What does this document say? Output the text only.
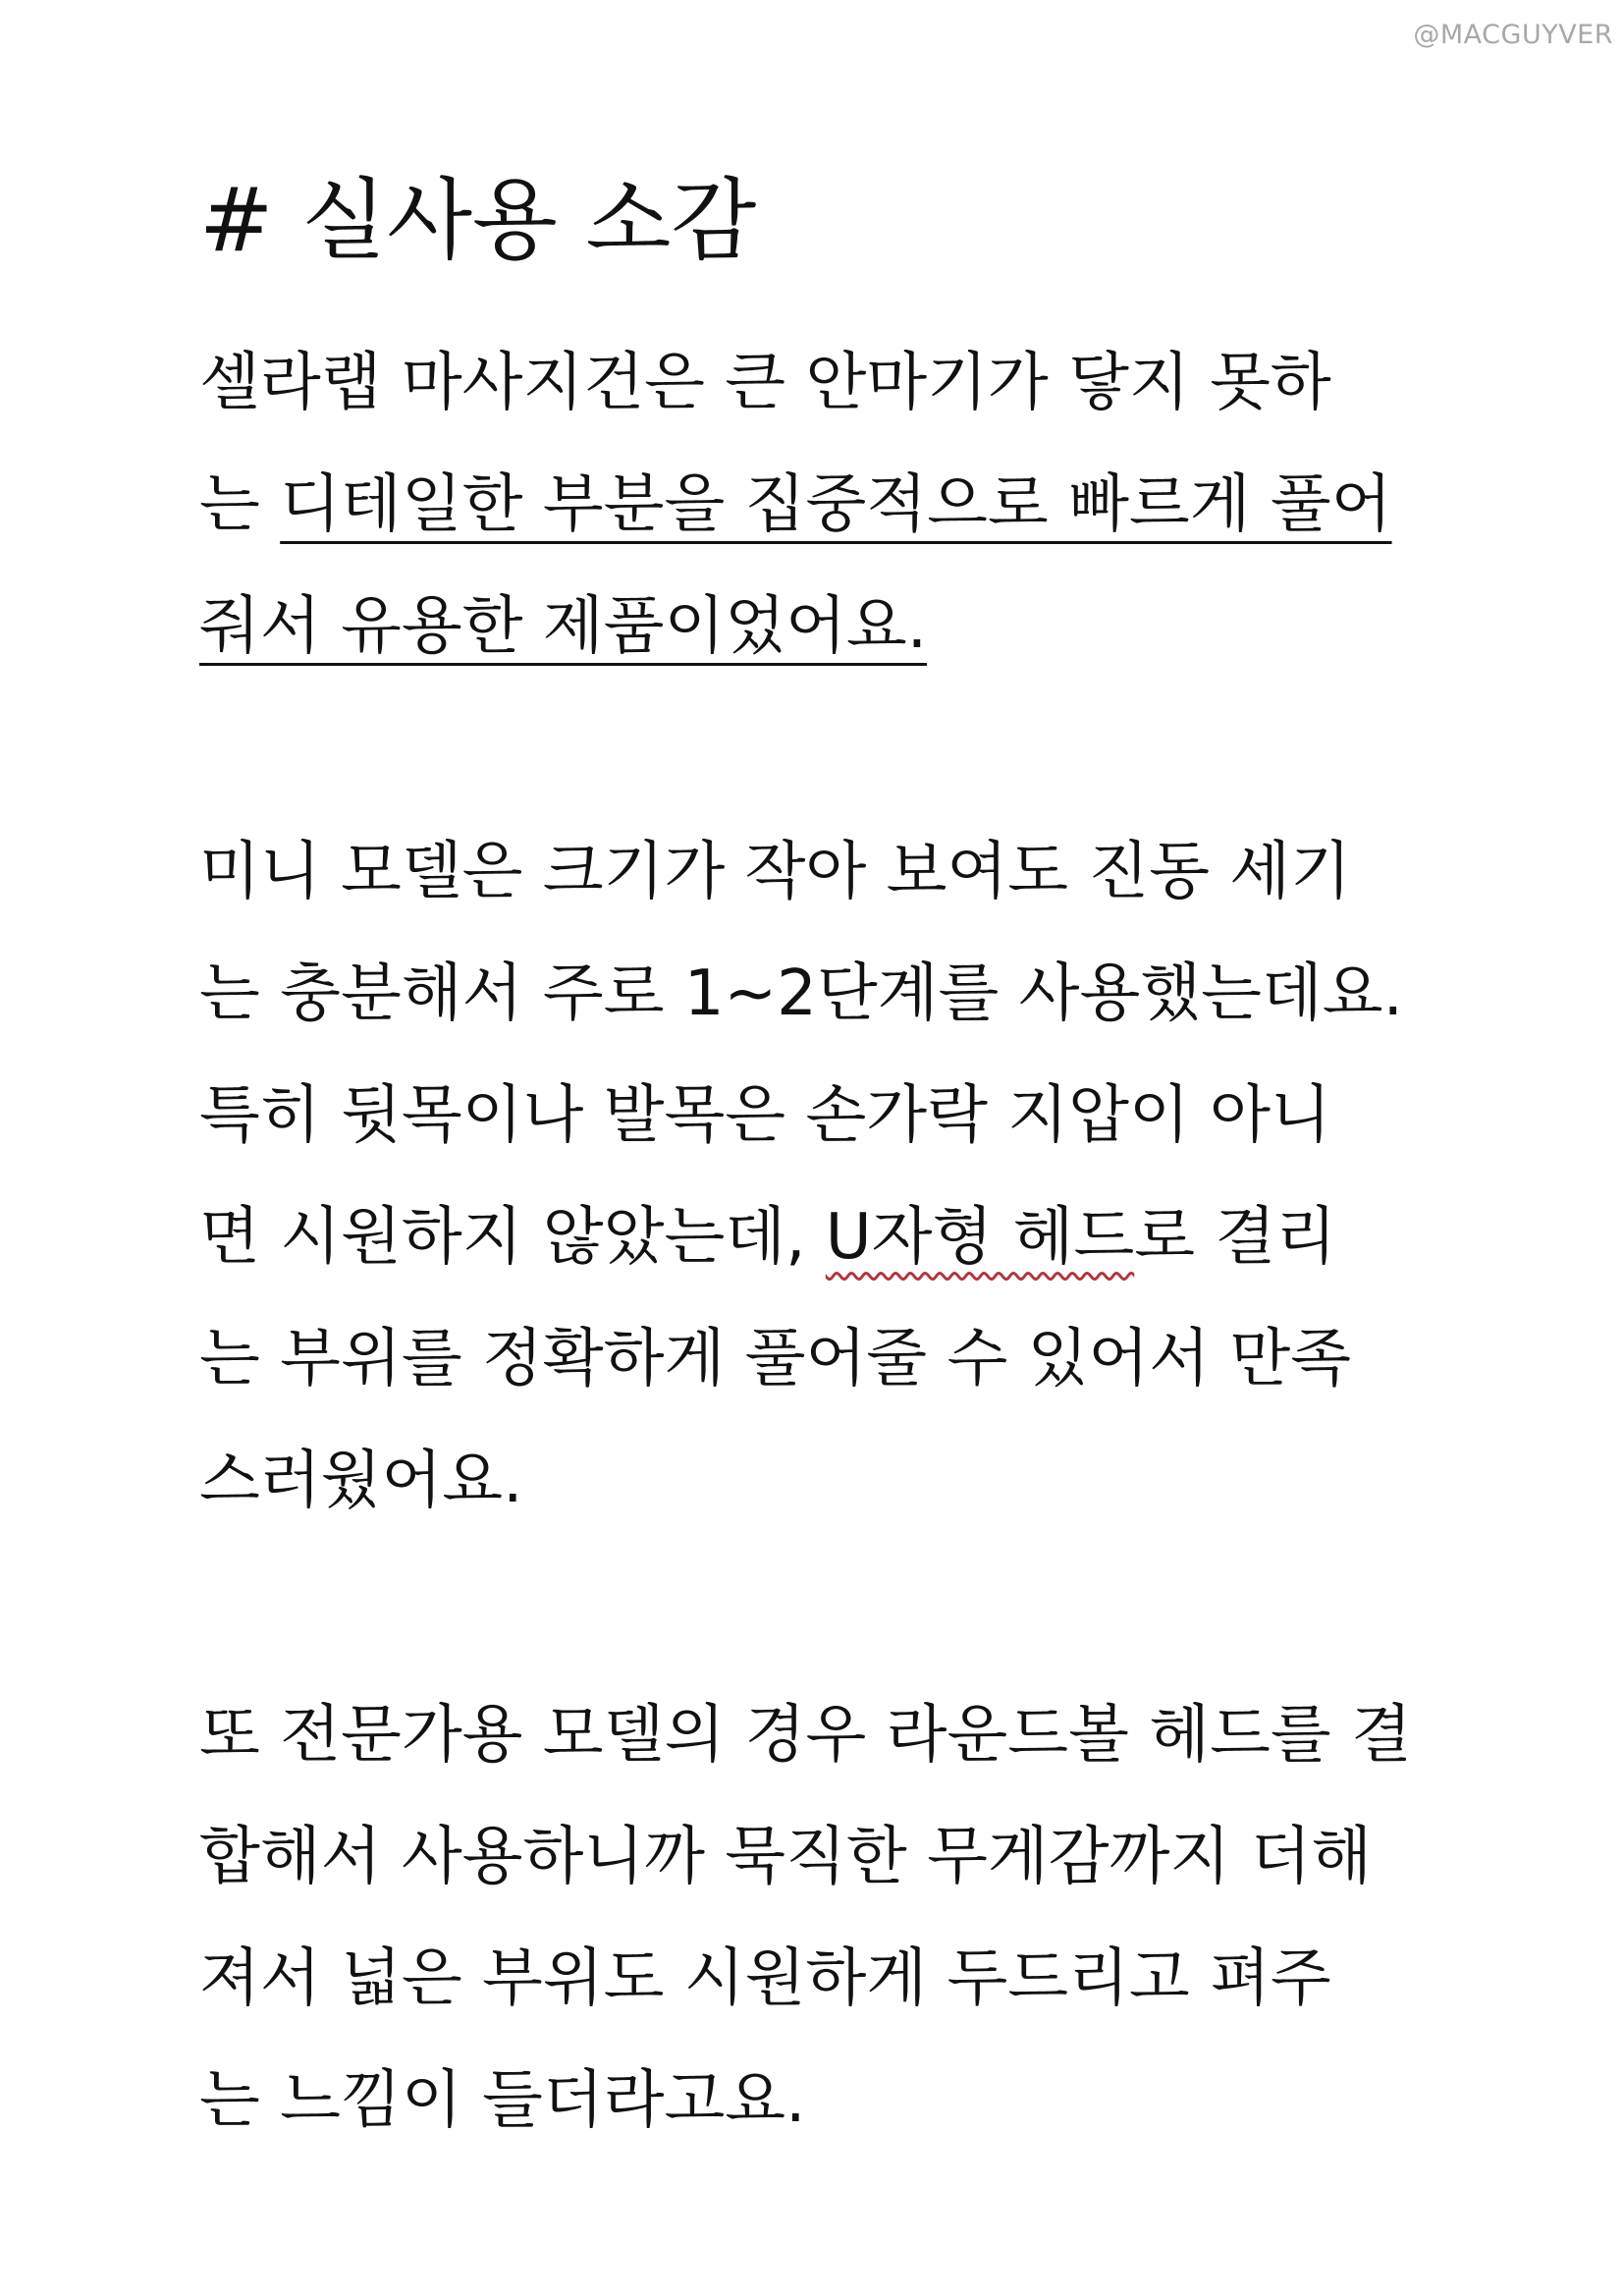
@MACGUYVER
# 실사용 소감
셀라랩 마사지건은 큰 안마기가 닿지 못하
는 디테일한 부분을 집중적으로 빠르게 풀어
줘서 유용한 제품이었어요.
미니 모델은 크기가 작아 보여도 진동 세기
는 충분해서 주로 1~2단계를 사용했는데요.
특히 뒷목이나 발목은 손가락 지압이 아니
면 시원하지 않았는데, U자형 헤드로 결리
는 부위를 정확하게 풀어줄 수 있어서 만족
스러웠어요.
또 전문가용 모델의 경우 라운드볼 헤드를 결
합해서 사용하니까 묵직한 무게감까지 더해
져서 넓은 부위도 시원하게 두드리고 펴주
는 느낌이 들더라고요.
